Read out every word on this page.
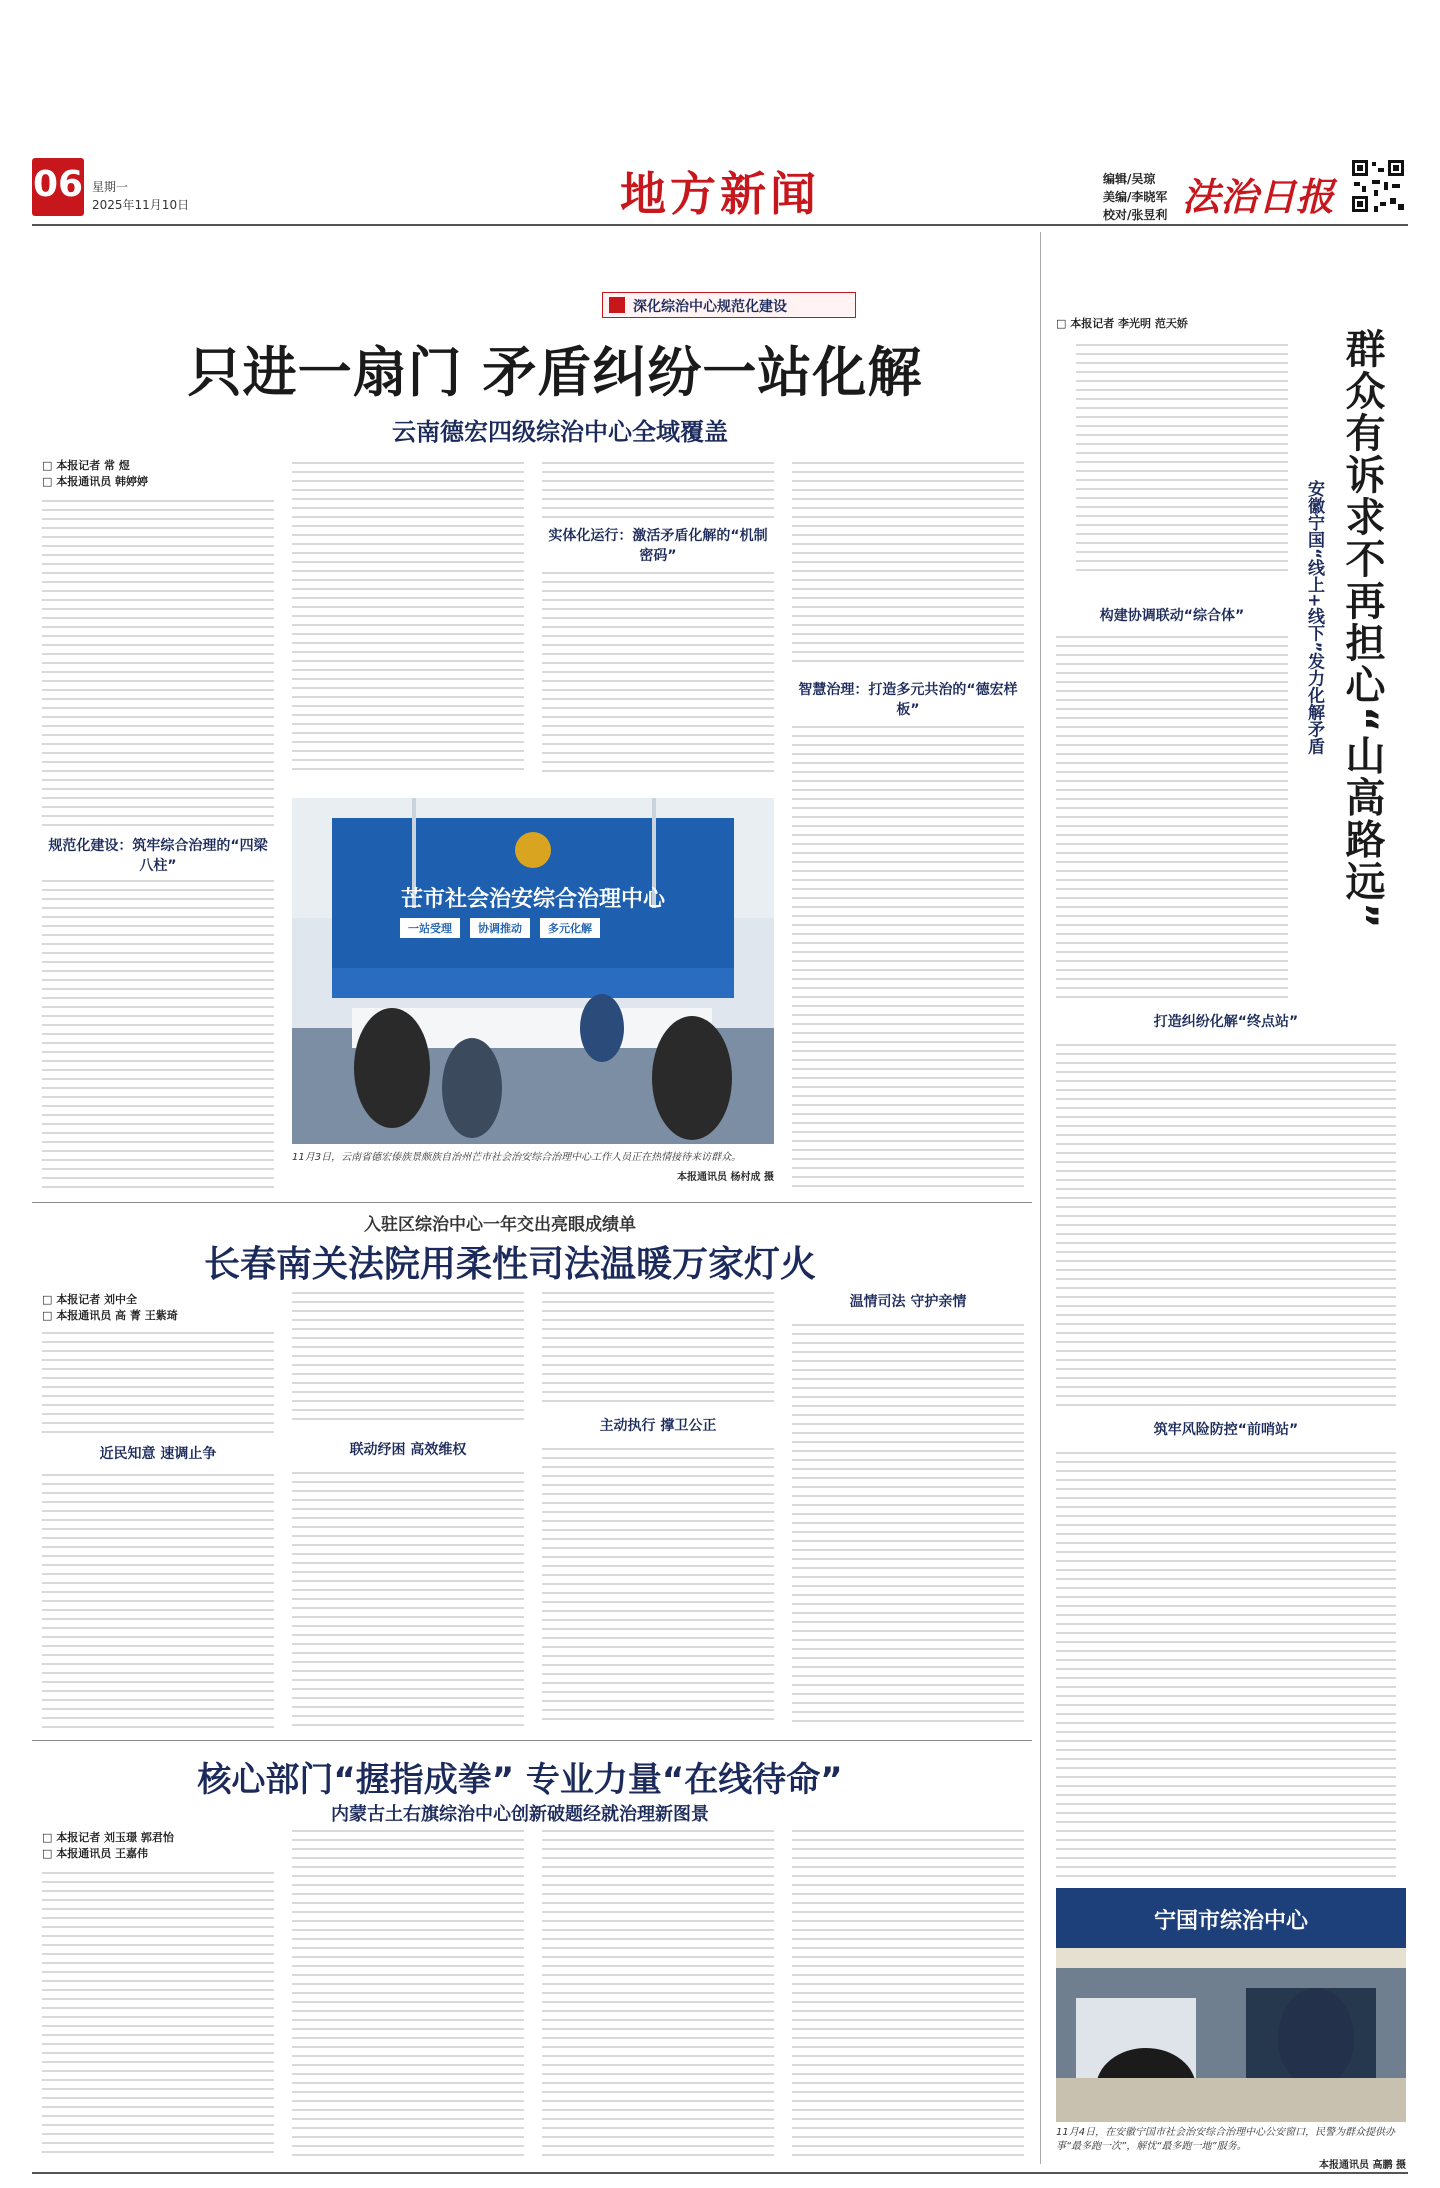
06 星期一
2025年11月10日	地方新闻	编辑/吴琼
美编/李晓军
校对/张昱利 法治日报
深化综治中心规范化建设
只进一扇门 矛盾纠纷一站化解
云南德宏四级综治中心全域覆盖
□ 本报记者 常 煜
□ 本报通讯员 韩婷婷
规范化建设：筑牢综合治理的“四梁八柱”
实体化运行：激活矛盾化解的“机制密码”
智慧治理：打造多元共治的“德宏样板”
芒市社会治安综合治理中心
一站受理	协调推动	多元化解
11月3日，云南省德宏傣族景颇族自治州芒市社会治安综合治理中心工作人员正在热情接待来访群众。
本报通讯员 杨村成 摄
入驻区综治中心一年交出亮眼成绩单
长春南关法院用柔性司法温暖万家灯火
□ 本报记者 刘中全
□ 本报通讯员 高 菁 王紫琦
近民知意 速调止争	联动纾困 高效维权
主动执行 撑卫公正
温情司法 守护亲情
核心部门“握指成拳” 专业力量“在线待命”
内蒙古土右旗综治中心创新破题经就治理新图景
□ 本报记者 刘玉璟 郭君怡
□ 本报通讯员 王嘉伟
□ 本报记者 李光明 范天娇
群众有诉求不再担心“山高路远”
安徽宁国“线上+线下”发力化解矛盾
构建协调联动“综合体”
打造纠纷化解“终点站”
筑牢风险防控“前哨站”
宁国市综治中心
11月4日，在安徽宁国市社会治安综合治理中心公安窗口，民警为群众提供办事“最多跑一次”，解忧“最多跑一地”服务。
本报通讯员 高鹏 摄
